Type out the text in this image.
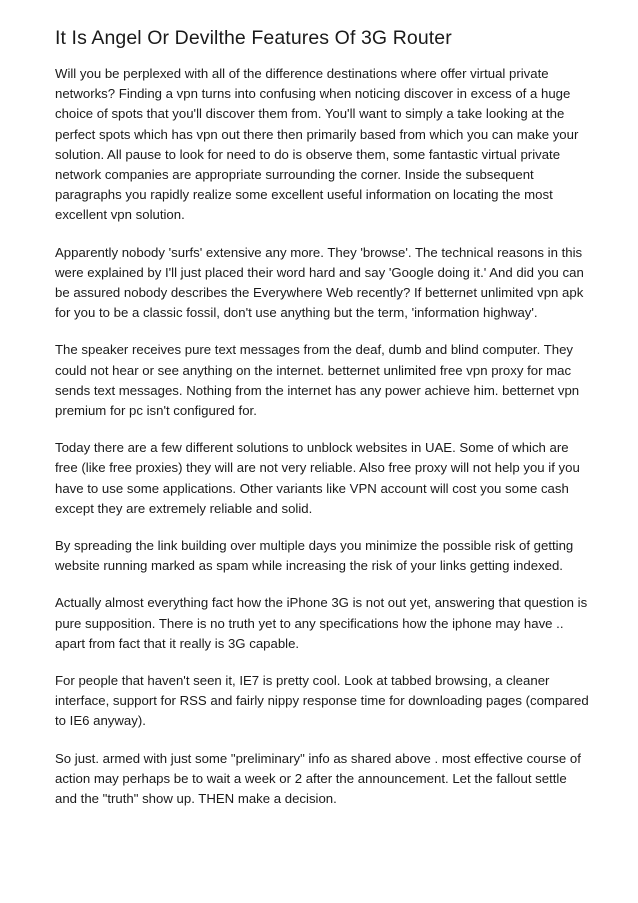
It Is Angel Or Devilthe Features Of 3G Router

Will you be perplexed with all of the difference destinations where offer virtual private networks? Finding a vpn turns into confusing when noticing discover in excess of a huge choice of spots that you'll discover them from. You'll want to simply a take looking at the perfect spots which has vpn out there then primarily based from which you can make your solution. All pause to look for need to do is observe them, some fantastic virtual private network companies are appropriate surrounding the corner. Inside the subsequent paragraphs you rapidly realize some excellent useful information on locating the most excellent vpn solution.

Apparently nobody 'surfs' extensive any more. They 'browse'. The technical reasons in this were explained by I'll just placed their word hard and say 'Google doing it.' And did you can be assured nobody describes the Everywhere Web recently? If betternet unlimited vpn apk for you to be a classic fossil, don't use anything but the term, 'information highway'.

The speaker receives pure text messages from the deaf, dumb and blind computer. They could not hear or see anything on the internet. betternet unlimited free vpn proxy for mac sends text messages. Nothing from the internet has any power achieve him. betternet vpn premium for pc isn't configured for.

Today there are a few different solutions to unblock websites in UAE. Some of which are free (like free proxies) they will are not very reliable. Also free proxy will not help you if you have to use some applications. Other variants like VPN account will cost you some cash except they are extremely reliable and solid.

By spreading the link building over multiple days you minimize the possible risk of getting website running marked as spam while increasing the risk of your links getting indexed.

Actually almost everything fact how the iPhone 3G is not out yet, answering that question is pure supposition. There is no truth yet to any specifications how the iphone may have .. apart from fact that it really is 3G capable.

For people that haven't seen it, IE7 is pretty cool. Look at tabbed browsing, a cleaner interface, support for RSS and fairly nippy response time for downloading pages (compared to IE6 anyway).

So just. armed with just some "preliminary" info as shared above . most effective course of action may perhaps be to wait a week or 2 after the announcement. Let the fallout settle and the "truth" show up. THEN make a decision.
